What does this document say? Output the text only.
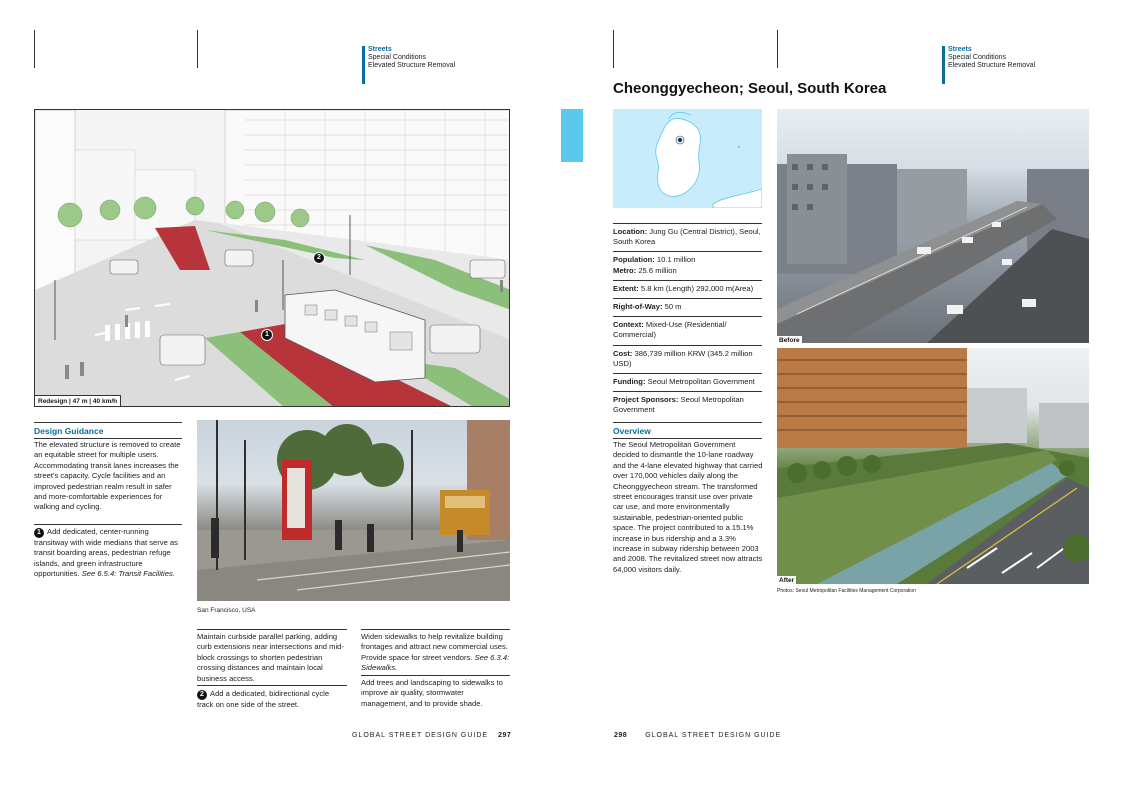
Streets
Special Conditions
Elevated Structure Removal
1
2
Redesign | 47 m | 40 km/h
Design Guidance
The elevated structure is removed to create an equitable street for multiple users. Accommodating transit lanes increases the street's capacity. Cycle facilities and an improved pedestrian realm result in safer and more-comfortable experiences for walking and cycling.
1 Add dedicated, center-running transitway with wide medians that serve as transit boarding areas, pedestrian refuge islands, and green infrastructure opportunities. See 6.5.4: Transit Facilities.
San Francisco, USA
Maintain curbside parallel parking, adding curb extensions near intersections and mid-block crossings to shorten pedestrian crossing distances and maintain local business access.
2 Add a dedicated, bidirectional cycle track on one side of the street.
Widen sidewalks to help revitalize building frontages and attract new commercial uses. Provide space for street vendors. See 6.3.4: Sidewalks.
Add trees and landscaping to sidewalks to improve air quality, stormwater management, and to provide shade.
GLOBAL STREET DESIGN GUIDE 297
Streets
Special Conditions
Elevated Structure Removal
Cheonggyecheon; Seoul, South Korea
CASE STUDY
Location: Jung Gu (Central District), Seoul, South Korea
Population: 10.1 million
Metro: 25.6 million
Extent: 5.8 km (Length) 292,000 m(Area)
Right-of-Way: 50 m
Context: Mixed-Use (Residential/ Commercial)
Cost: 386,739 million KRW (345.2 million USD)
Funding: Seoul Metropolitan Government
Project Sponsors: Seoul Metropolitan Government
Overview
The Seoul Metropolitan Government decided to dismantle the 10-lane roadway and the 4-lane elevated highway that carried over 170,000 vehicles daily along the Cheonggyecheon stream. The transformed street encourages transit use over private car use, and more environmentally sustainable, pedestrian-oriented public space. The project contributed to a 15.1% increase in bus ridership and a 3.3% increase in subway ridership between 2003 and 2008. The revitalized street now attracts 64,000 visitors daily.
Before
After
Photos: Seoul Metropolitan Facilities Management Corporation
298	GLOBAL STREET DESIGN GUIDE
